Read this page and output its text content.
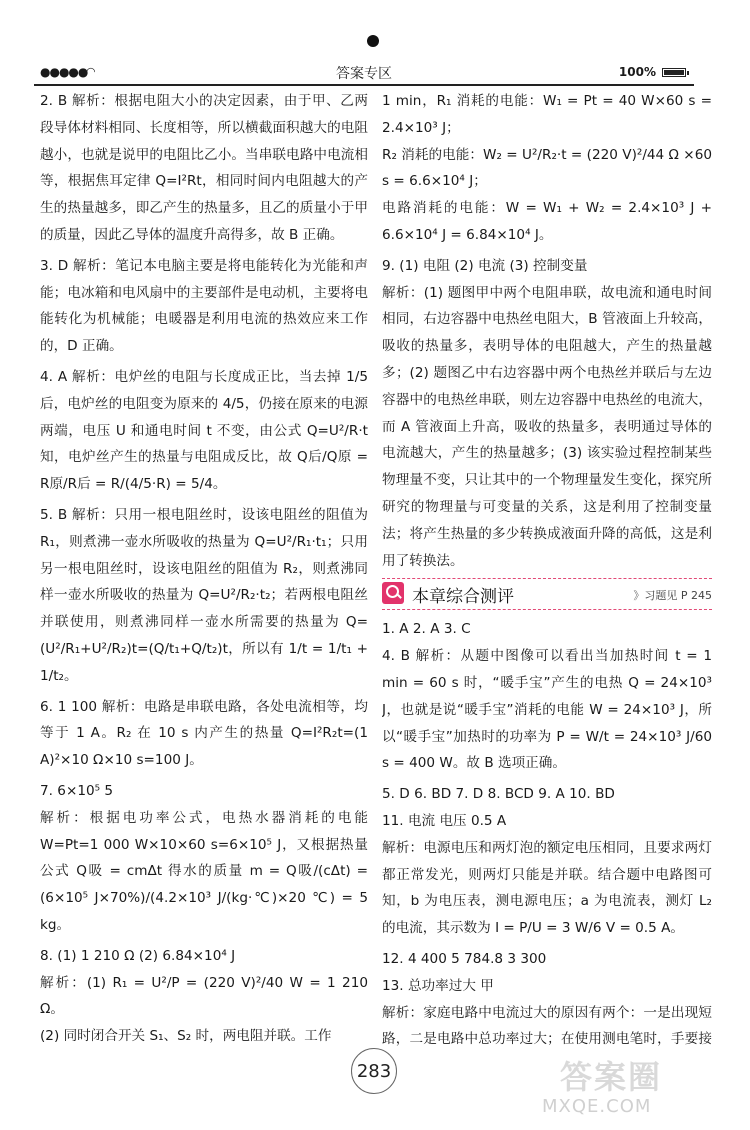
●●●●●
◠	答案专区	100%

2. B 解析：根据电阻大小的决定因素，由于甲、乙两段导体材料相同、长度相等，所以横截面积越大的电阻越小，也就是说甲的电阻比乙小。当串联电路中电流相等，根据焦耳定律 Q=I²Rt，相同时间内电阻越大的产生的热量越多，即乙产生的热量多，且乙的质量小于甲的质量，因此乙导体的温度升高得多，故 B 正确。

3. D 解析：笔记本电脑主要是将电能转化为光能和声能；电冰箱和电风扇中的主要部件是电动机，主要将电能转化为机械能；电暖器是利用电流的热效应来工作的，D 正确。

4. A 解析：电炉丝的电阻与长度成正比，当去掉 1/5 后，电炉丝的电阻变为原来的 4/5，仍接在原来的电源两端，电压 U 和通电时间 t 不变，由公式 Q=U²/R·t 知，电炉丝产生的热量与电阻成反比，故 Q后/Q原 = R原/R后 = R/(4/5·R) = 5/4。

5. B 解析：只用一根电阻丝时，设该电阻丝的阻值为 R₁，则煮沸一壶水所吸收的热量为 Q=U²/R₁·t₁；只用另一根电阻丝时，设该电阻丝的阻值为 R₂，则煮沸同样一壶水所吸收的热量为 Q=U²/R₂·t₂；若两根电阻丝并联使用，则煮沸同样一壶水所需要的热量为 Q=(U²/R₁+U²/R₂)t=(Q/t₁+Q/t₂)t，所以有 1/t = 1/t₁ + 1/t₂。

6. 1 100 解析：电路是串联电路，各处电流相等，均等于 1 A。R₂ 在 10 s 内产生的热量 Q=I²R₂t=(1 A)²×10 Ω×10 s=100 J。

7. 6×10⁵ 5

解析：根据电功率公式，电热水器消耗的电能 W=Pt=1 000 W×10×60 s=6×10⁵ J，又根据热量公式 Q吸 = cmΔt 得水的质量 m = Q吸/(cΔt) = (6×10⁵ J×70%)/(4.2×10³ J/(kg·℃)×20 ℃) = 5 kg。

8. (1) 1 210 Ω (2) 6.84×10⁴ J

解析：(1) R₁ = U²/P = (220 V)²/40 W = 1 210 Ω。

(2) 同时闭合开关 S₁、S₂ 时，两电阻并联。工作

1 min，R₁ 消耗的电能：W₁ = Pt = 40 W×60 s = 2.4×10³ J；

R₂ 消耗的电能：W₂ = U²/R₂·t = (220 V)²/44 Ω ×60 s = 6.6×10⁴ J；

电路消耗的电能：W = W₁ + W₂ = 2.4×10³ J + 6.6×10⁴ J = 6.84×10⁴ J。

9. (1) 电阻 (2) 电流 (3) 控制变量

解析：(1) 题图甲中两个电阻串联，故电流和通电时间相同，右边容器中电热丝电阻大，B 管液面上升较高，吸收的热量多，表明导体的电阻越大，产生的热量越多；(2) 题图乙中右边容器中两个电热丝并联后与左边容器中的电热丝串联，则左边容器中电热丝的电流大，而 A 管液面上升高，吸收的热量多，表明通过导体的电流越大，产生的热量越多；(3) 该实验过程控制某些物理量不变，只让其中的一个物理量发生变化，探究所研究的物理量与可变量的关系，这是利用了控制变量法；将产生热量的多少转换成液面升降的高低，这是利用了转换法。

本章综合测评	》习题见 P 245

1. A 2. A 3. C

4. B 解析：从题中图像可以看出当加热时间 t = 1 min = 60 s 时，“暖手宝”产生的电热 Q = 24×10³ J，也就是说“暖手宝”消耗的电能 W = 24×10³ J，所以“暖手宝”加热时的功率为 P = W/t = 24×10³ J/60 s = 400 W。故 B 选项正确。

5. D 6. BD 7. D 8. BCD 9. A 10. BD

11. 电流 电压 0.5 A

解析：电源电压和两灯泡的额定电压相同，且要求两灯都正常发光，则两灯只能是并联。结合题中电路图可知，b 为电压表，测电源电压；a 为电流表，测灯 L₂ 的电流，其示数为 I = P/U = 3 W/6 V = 0.5 A。

12. 4 400 5 784.8 3 300

13. 总功率过大 甲

解析：家庭电路中电流过大的原因有两个：一是出现短路，二是电路中总功率过大；在使用测电笔时，手要接

283	答案圈
MXQE.COM
